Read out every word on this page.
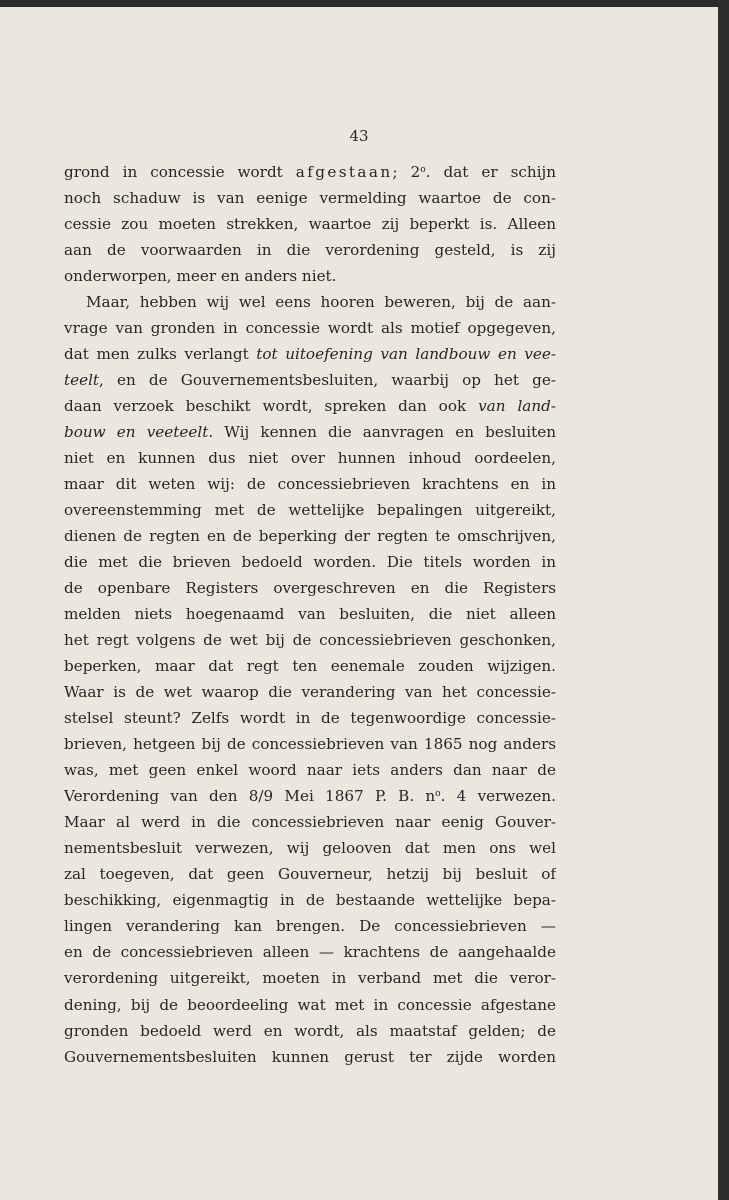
43
grond in concessie wordt afgestaan; 2$^o$. dat er schijn
noch schaduw is van eenige vermelding waartoe de con-
cessie zou moeten strekken, waartoe zij beperkt is. Alleen
aan de voorwaarden in die verordening gesteld, is zij
onderworpen, meer en anders niet.
Maar, hebben wij wel eens hooren beweren, bij de aan-
vrage van gronden in concessie wordt als motief opgegeven,
dat men zulks verlangt tot uitoefening van landbouw en vee-
teelt, en de Gouvernementsbesluiten, waarbij op het ge-
daan verzoek beschikt wordt, spreken dan ook van land-
bouw en veeteelt. Wij kennen die aanvragen en besluiten
niet en kunnen dus niet over hunnen inhoud oordeelen,
maar dit weten wij: de concessiebrieven krachtens en in
overeenstemming met de wettelijke bepalingen uitgereikt,
dienen de regten en de beperking der regten te omschrijven,
die met die brieven bedoeld worden. Die titels worden in
de openbare Registers overgeschreven en die Registers
melden niets hoegenaamd van besluiten, die niet alleen
het regt volgens de wet bij de concessiebrieven geschonken,
beperken, maar dat regt ten eenemale zouden wijzigen.
Waar is de wet waarop die verandering van het concessie-
stelsel steunt? Zelfs wordt in de tegenwoordige concessie-
brieven, hetgeen bij de concessiebrieven van 1865 nog anders
was, met geen enkel woord naar iets anders dan naar de
Verordening van den 8/9 Mei 1867 P. B. $n^o$. 4 verwezen.
Maar al werd in die concessiebrieven naar eenig Gouver-
nementsbesluit verwezen, wij gelooven dat men ons wel
zal toegeven, dat geen Gouverneur, hetzij bij besluit of
beschikking, eigenmagtig in de bestaande wettelijke bepa-
lingen verandering kan brengen. De concessiebrieven —
en de concessiebrieven alleen — krachtens de aangehaalde
verordening uitgereikt, moeten in verband met die veror-
dening, bij de beoordeeling wat met in concessie afgestane
gronden bedoeld werd en wordt, als maatstaf gelden; de
Gouvernementsbesluiten kunnen gerust ter zijde worden
